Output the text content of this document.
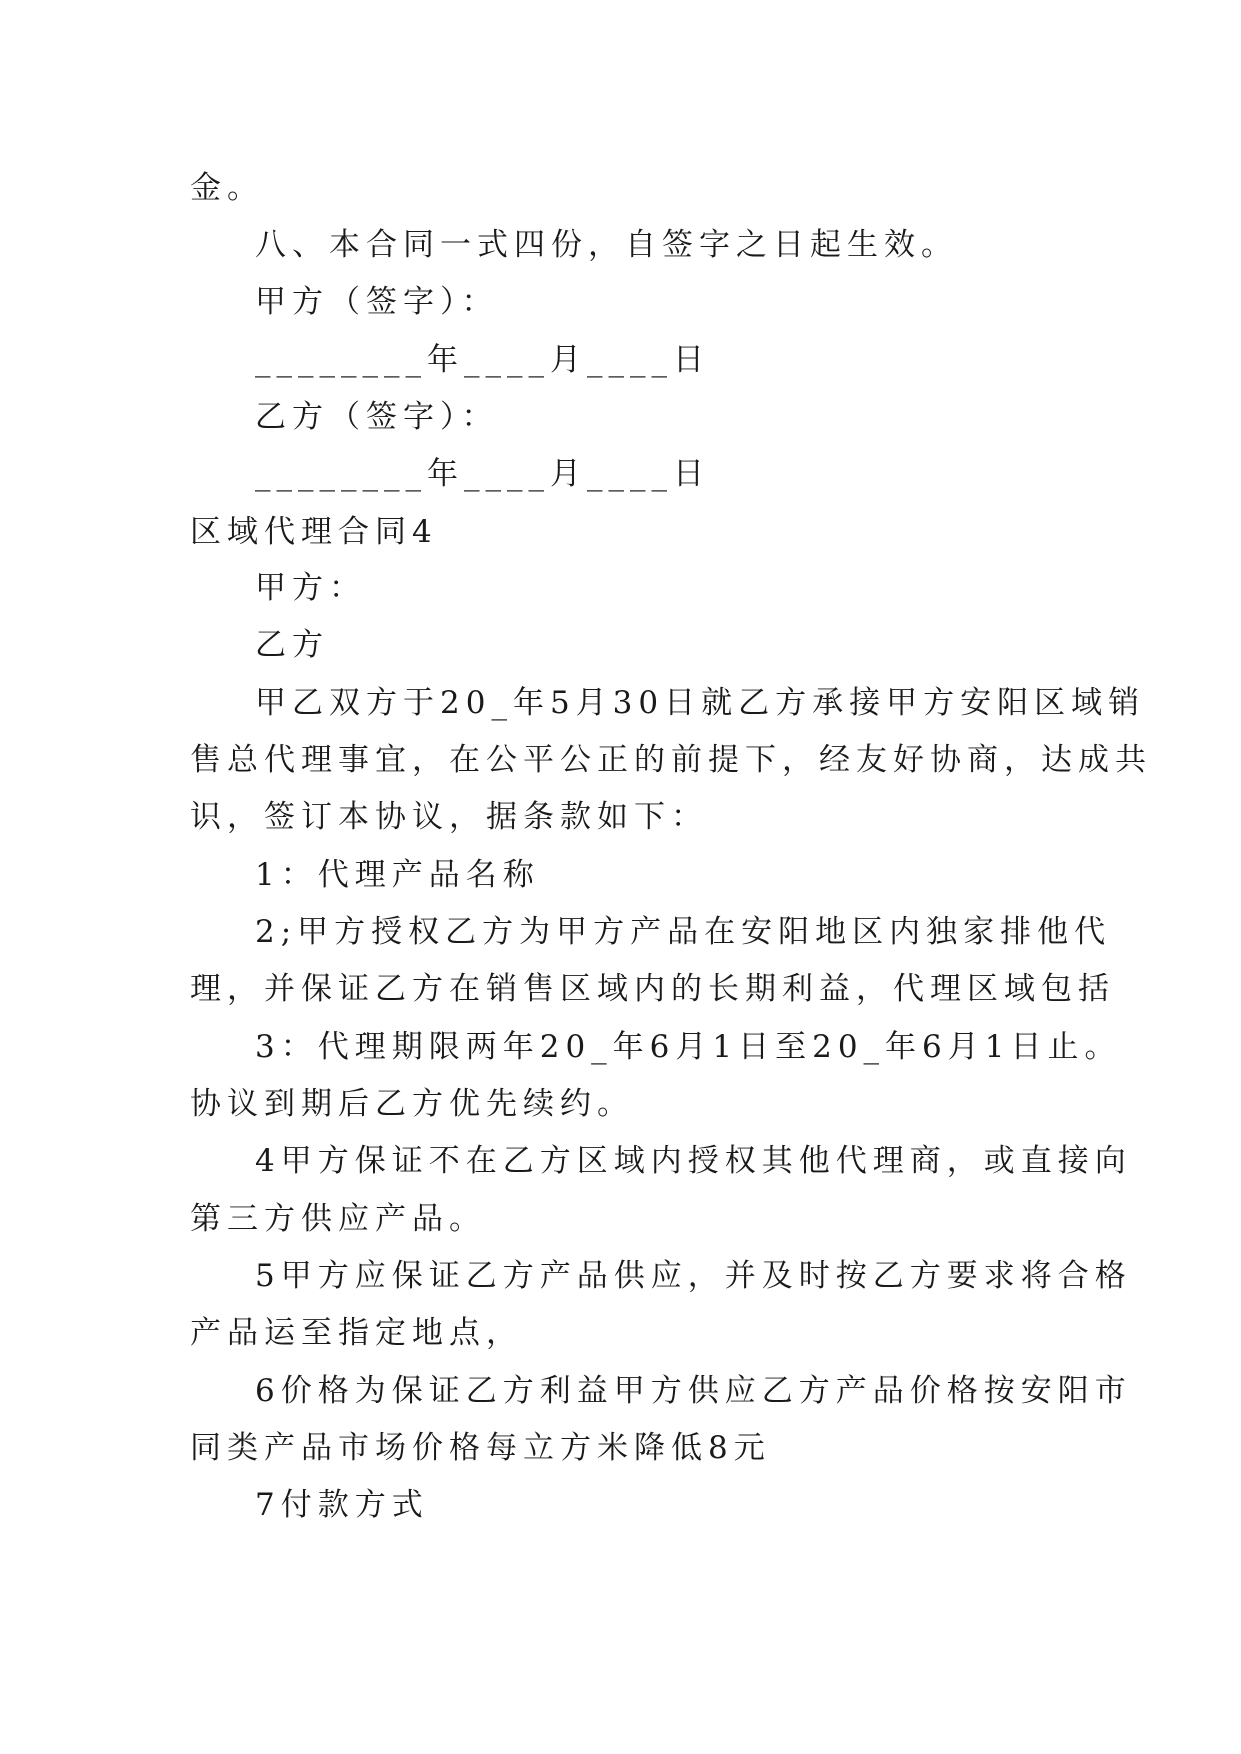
金。
八、本合同一式四份，自签字之日起生效。
甲方（签字）：
________年____月____日
乙方（签字）：
________年____月____日
区域代理合同4
甲方：
乙方
甲乙双方于20_年5月30日就乙方承接甲方安阳区域销
售总代理事宜，在公平公正的前提下，经友好协商，达成共
识，签订本协议，据条款如下：
1：代理产品名称
2;甲方授权乙方为甲方产品在安阳地区内独家排他代
理，并保证乙方在销售区域内的长期利益，代理区域包括
3：代理期限两年20_年6月1日至20_年6月1日止。
协议到期后乙方优先续约。
4甲方保证不在乙方区域内授权其他代理商，或直接向
第三方供应产品。
5甲方应保证乙方产品供应，并及时按乙方要求将合格
产品运至指定地点，
6价格为保证乙方利益甲方供应乙方产品价格按安阳市
同类产品市场价格每立方米降低8元
7付款方式
